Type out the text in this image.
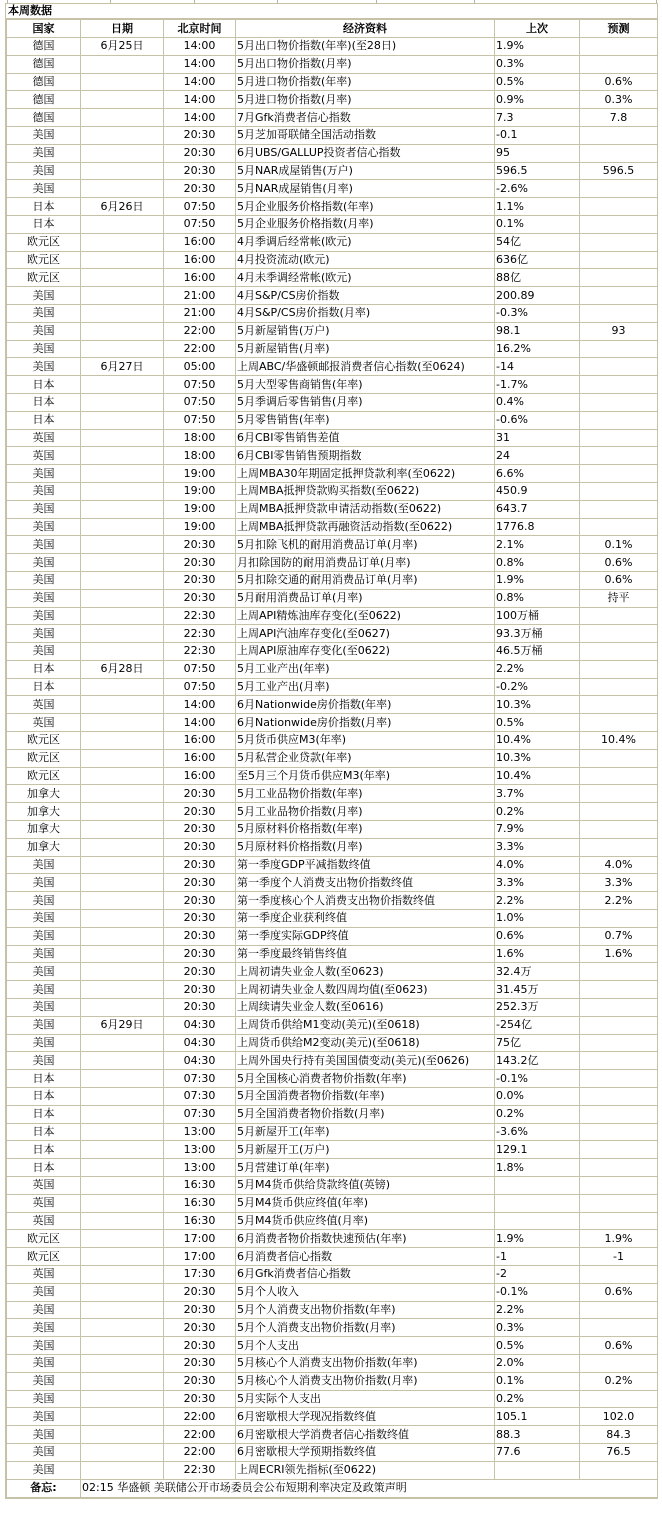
本周数据
国家	日期	北京时间	经济资料	上次	预测
德国	6月25日	14:00	5月出口物价指数(年率)(至28日)	1.9%	
德国		14:00	5月出口物价指数(月率)	0.3%	
德国		14:00	5月进口物价指数(年率)	0.5%	0.6%
德国		14:00	5月进口物价指数(月率)	0.9%	0.3%
德国		14:00	7月Gfk消费者信心指数	7.3	7.8
美国		20:30	5月芝加哥联储全国活动指数	-0.1	
美国		20:30	6月UBS/GALLUP投资者信心指数	95	
美国		20:30	5月NAR成屋销售(万户)	596.5	596.5
美国		20:30	5月NAR成屋销售(月率)	-2.6%	
日本	6月26日	07:50	5月企业服务价格指数(年率)	1.1%	
日本		07:50	5月企业服务价格指数(月率)	0.1%	
欧元区		16:00	4月季调后经常帐(欧元)	54亿	
欧元区		16:00	4月投资流动(欧元)	636亿	
欧元区		16:00	4月未季调经常帐(欧元)	88亿	
美国		21:00	4月S&P/CS房价指数	200.89	
美国		21:00	4月S&P/CS房价指数(月率)	-0.3%	
美国		22:00	5月新屋销售(万户)	98.1	93
美国		22:00	5月新屋销售(月率)	16.2%	
美国	6月27日	05:00	上周ABC/华盛顿邮报消费者信心指数(至0624)	-14	
日本		07:50	5月大型零售商销售(年率)	-1.7%	
日本		07:50	5月季调后零售销售(月率)	0.4%	
日本		07:50	5月零售销售(年率)	-0.6%	
英国		18:00	6月CBI零售销售差值	31	
英国		18:00	6月CBI零售销售预期指数	24	
美国		19:00	上周MBA30年期固定抵押贷款利率(至0622)	6.6%	
美国		19:00	上周MBA抵押贷款购买指数(至0622)	450.9	
美国		19:00	上周MBA抵押贷款申请活动指数(至0622)	643.7	
美国		19:00	上周MBA抵押贷款再融资活动指数(至0622)	1776.8	
美国		20:30	5月扣除飞机的耐用消费品订单(月率)	2.1%	0.1%
美国		20:30	月扣除国防的耐用消费品订单(月率)	0.8%	0.6%
美国		20:30	5月扣除交通的耐用消费品订单(月率)	1.9%	0.6%
美国		20:30	5月耐用消费品订单(月率)	0.8%	持平
美国		22:30	上周API精炼油库存变化(至0622)	100万桶	
美国		22:30	上周API汽油库存变化(至0627)	93.3万桶	
美国		22:30	上周API原油库存变化(至0622)	46.5万桶	
日本	6月28日	07:50	5月工业产出(年率)	2.2%	
日本		07:50	5月工业产出(月率)	-0.2%	
英国		14:00	6月Nationwide房价指数(年率)	10.3%	
英国		14:00	6月Nationwide房价指数(月率)	0.5%	
欧元区		16:00	5月货币供应M3(年率)	10.4%	10.4%
欧元区		16:00	5月私营企业贷款(年率)	10.3%	
欧元区		16:00	至5月三个月货币供应M3(年率)	10.4%	
加拿大		20:30	5月工业品物价指数(年率)	3.7%	
加拿大		20:30	5月工业品物价指数(月率)	0.2%	
加拿大		20:30	5月原材料价格指数(年率)	7.9%	
加拿大		20:30	5月原材料价格指数(月率)	3.3%	
美国		20:30	第一季度GDP平减指数终值	4.0%	4.0%
美国		20:30	第一季度个人消费支出物价指数终值	3.3%	3.3%
美国		20:30	第一季度核心个人消费支出物价指数终值	2.2%	2.2%
美国		20:30	第一季度企业获利终值	1.0%	
美国		20:30	第一季度实际GDP终值	0.6%	0.7%
美国		20:30	第一季度最终销售终值	1.6%	1.6%
美国		20:30	上周初请失业金人数(至0623)	32.4万	
美国		20:30	上周初请失业金人数四周均值(至0623)	31.45万	
美国		20:30	上周续请失业金人数(至0616)	252.3万	
美国	6月29日	04:30	上周货币供给M1变动(美元)(至0618)	-254亿	
美国		04:30	上周货币供给M2变动(美元)(至0618)	75亿	
美国		04:30	上周外国央行持有美国国债变动(美元)(至0626)	143.2亿	
日本		07:30	5月全国核心消费者物价指数(年率)	-0.1%	
日本		07:30	5月全国消费者物价指数(年率)	0.0%	
日本		07:30	5月全国消费者物价指数(月率)	0.2%	
日本		13:00	5月新屋开工(年率)	-3.6%	
日本		13:00	5月新屋开工(万户)	129.1	
日本		13:00	5月营建订单(年率)	1.8%	
英国		16:30	5月M4货币供给贷款终值(英镑)		
英国		16:30	5月M4货币供应终值(年率)		
英国		16:30	5月M4货币供应终值(月率)		
欧元区		17:00	6月消费者物价指数快速预估(年率)	1.9%	1.9%
欧元区		17:00	6月消费者信心指数	-1	-1
英国		17:30	6月Gfk消费者信心指数	-2	
美国		20:30	5月个人收入	-0.1%	0.6%
美国		20:30	5月个人消费支出物价指数(年率)	2.2%	
美国		20:30	5月个人消费支出物价指数(月率)	0.3%	
美国		20:30	5月个人支出	0.5%	0.6%
美国		20:30	5月核心个人消费支出物价指数(年率)	2.0%	
美国		20:30	5月核心个人消费支出物价指数(月率)	0.1%	0.2%
美国		20:30	5月实际个人支出	0.2%	
美国		22:00	6月密歇根大学现况指数终值	105.1	102.0
美国		22:00	6月密歇根大学消费者信心指数终值	88.3	84.3
美国		22:00	6月密歇根大学预期指数终值	77.6	76.5
美国		22:30	上周ECRI领先指标(至0622)		
备忘:	02:15 华盛顿 美联储公开市场委员会公布短期利率决定及政策声明				
